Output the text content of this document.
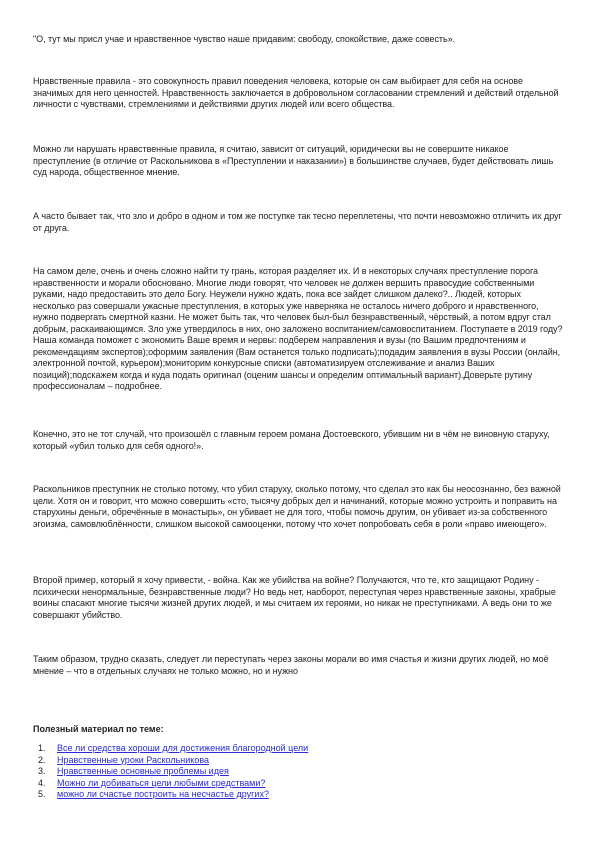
"О, тут мы присл учае и нравственное чувство наше придавим: свободу, спокойствие, даже совесть».

Нравственные правила - это совокупность правил поведения человека, которые он сам выбирает для себя на основе значимых для него ценностей. Нравственность заключается в добровольном согласовании стремлений и действий отдельной личности с чувствами, стремлениями и действиями других людей или всего общества.

Можно ли нарушать нравственные правила, я считаю, зависит от ситуаций, юридически вы не совершите никакое преступление (в отличие от Раскольникова в «Преступлении и наказании») в большинстве случаев, будет действовать лишь суд народа, общественное мнение.

А часто бывает так, что зло и добро в одном и том же поступке так тесно переплетены, что почти невозможно отличить их друг от друга.

На самом деле, очень и очень сложно найти ту грань, которая разделяет их. И в некоторых случаях преступление порога нравственности и морали обосновано. Многие люди говорят, что человек не должен вершить правосудие собственными руками, надо предоставить это дело Богу. Неужели нужно ждать, пока все зайдет слишком далеко?.. Людей, которых несколько раз совершали ужасные преступления, в которых уже наверняка не осталось ничего доброго и нравственного, нужно подвергать смертной казни. Не может быть так, что человек был-был безнравственный, чёрствый, а потом вдруг стал добрым, раскаивающимся. Зло уже утвердилось в них, оно заложено воспитанием/самовоспитанием. Поступаете в 2019 году? Наша команда поможет с экономить Ваше время и нервы: подберем направления и вузы (по Вашим предпочтениям и рекомендациям экспертов);оформим заявления (Вам останется только подписать);подадим заявления в вузы России (онлайн, электронной почтой, курьером);мониторим конкурсные списки (автоматизируем отслеживание и анализ Ваших позиций);подскажем когда и куда подать оригинал (оценим шансы и определим оптимальный вариант).Доверьте рутину профессионалам – подробнее.

Конечно, это не тот случай, что произошёл с главным героем романа Достоевского, убившим ни в чём не виновную старуху, который «убил только для себя одного!».

Раскольников преступник не столько потому, что убил старуху, сколько потому, что сделал это как бы неосознанно, без важной цели. Хотя он и говорит, что можно совершить «сто, тысячу добрых дел и начинаний, которые можно устроить и поправить на старухины деньги, обречённые в монастырь», он убивает не для того, чтобы помочь другим, он убивает из-за собственного эгоизма, самовлюблённости, слишком высокой самооценки, потому что хочет попробовать себя в роли «право имеющего».

Второй пример, который я хочу привести, - война. Как же убийства на войне? Получаются, что те, кто защищают Родину - психически ненормальные, безнравственные люди? Но ведь нет, наоборот, переступая через нравственные законы, храбрые воины спасают многие тысячи жизней других людей, и мы считаем их героями, но никак не преступниками. А ведь они то же совершают убийство.

Таким образом, трудно сказать, следует ли переступать через законы морали во имя счастья и жизни других людей, но моё мнение – что в отдельных случаях не только можно, но и нужно

Полезный материал по теме:

1. Все ли средства хороши для достижения благородной цели
2. Нравственные уроки Раскольникова
3. Нравственные основные проблемы идея
4. Можно ли добиваться цели любыми средствами?
5. можно ли счастье построить на несчастье других?
